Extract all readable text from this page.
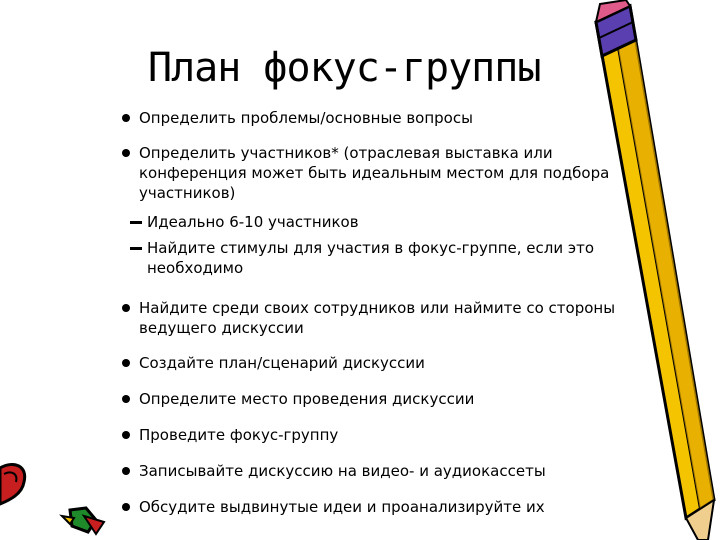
План фокус-группы
Определить проблемы/основные вопросы
Определить участников* (отраслевая выставка или конференция может быть идеальным местом для подбора участников)
Идеально 6-10 участников
Найдите стимулы для участия в фокус-группе, если это необходимо
Найдите среди своих сотрудников или наймите со стороны ведущего дискуссии
Создайте план/сценарий дискуссии
Определите место проведения дискуссии
Проведите фокус-группу
Записывайте дискуссию на видео- и аудиокассеты
Обсудите выдвинутые идеи и проанализируйте их
